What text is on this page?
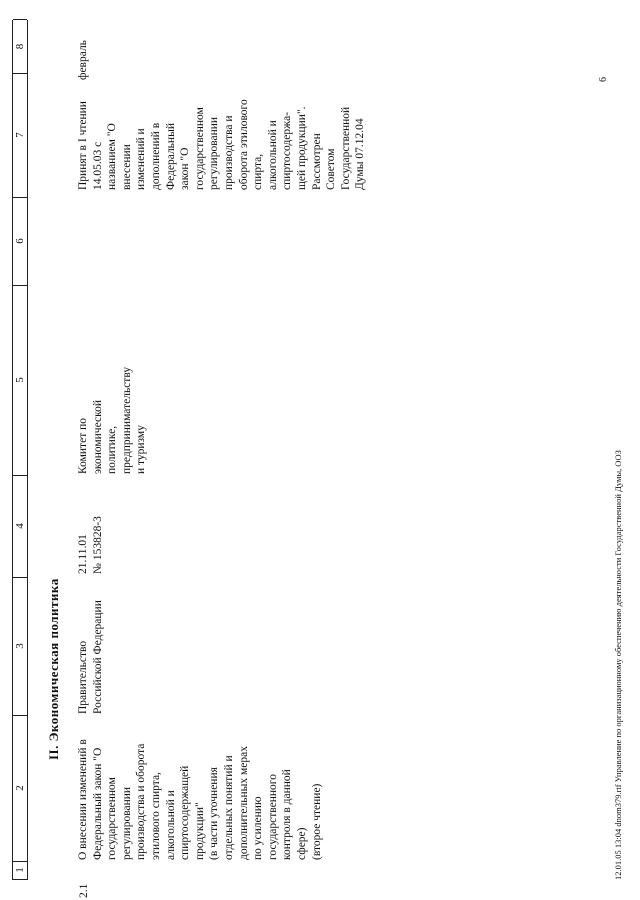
1
2
3
4
5
6
7
8
II. Экономическая политика
2.1
О внесении изменений в
Федеральный закон "О
государственном
регулировании
производства и оборота
этилового спирта,
алкогольной и
спиртосодержащей
продукции"
(в части уточнения
отдельных понятий и
дополнительных мерах
по усилению
государственного
контроля в данной
сфере)
(второе чтение)
Правительство
Российской Федерации
21.11.01
№ 153828-3
Комитет по
экономической
политике,
предпринимательству
и туризму
Принят в I чтении
14.05.03 с
названием "О
внесении
изменений и
дополнений в
Федеральный
закон "О
государственном
регулировании
производства и
оборота этилового
спирта,
алкогольной и
спиртосодержа-
щей продукции".
Рассмотрен
Советом
Государственной
Думы 07.12.04
февраль	6
12.01.05 13:04 dnom379.rtf Управление по организационному обеспечению деятельности Государственной Думы, ООЗ
